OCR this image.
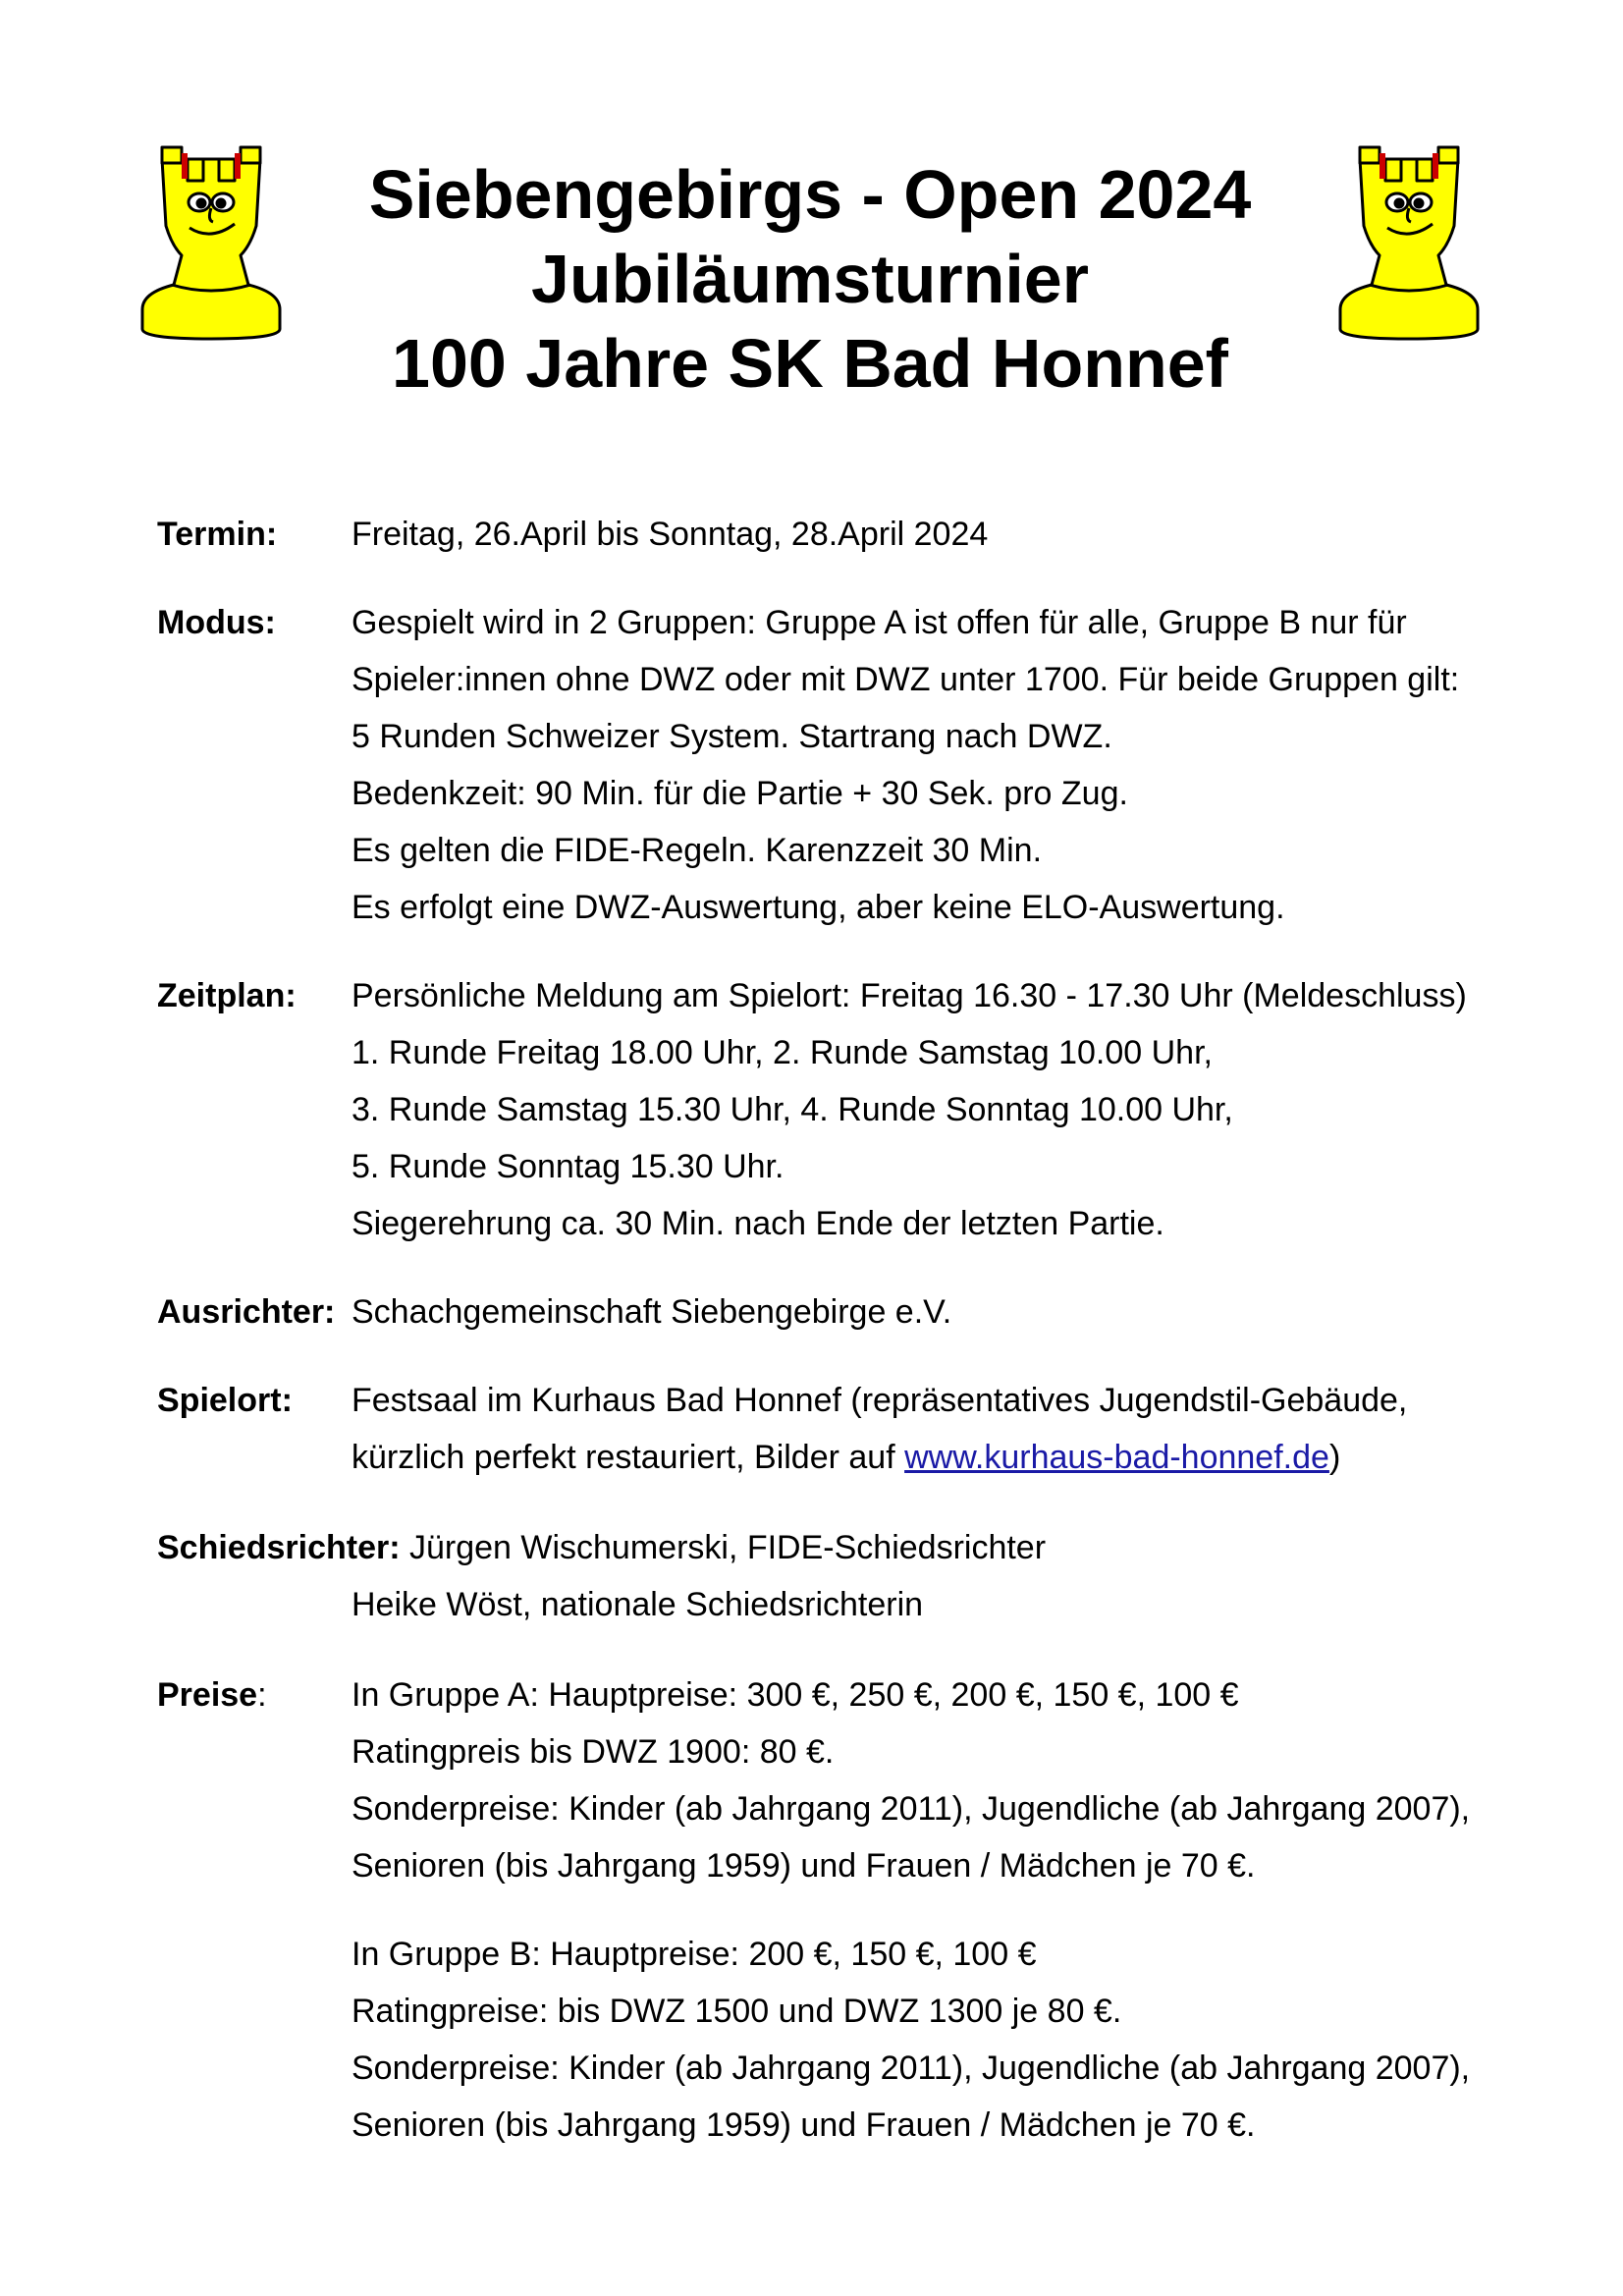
Siebengebirgs - Open 2024
Jubiläumsturnier
100 Jahre SK Bad Honnef
Termin: Freitag, 26.April bis Sonntag, 28.April 2024
Modus: Gespielt wird in 2 Gruppen: Gruppe A ist offen für alle, Gruppe B nur für
Spieler:innen ohne DWZ oder mit DWZ unter 1700. Für beide Gruppen gilt:
5 Runden Schweizer System. Startrang nach DWZ.
Bedenkzeit: 90 Min. für die Partie + 30 Sek. pro Zug.
Es gelten die FIDE-Regeln. Karenzzeit 30 Min.
Es erfolgt eine DWZ-Auswertung, aber keine ELO-Auswertung.
Zeitplan: Persönliche Meldung am Spielort: Freitag 16.30 - 17.30 Uhr (Meldeschluss)
1. Runde Freitag 18.00 Uhr, 2. Runde Samstag 10.00 Uhr,
3. Runde Samstag 15.30 Uhr, 4. Runde Sonntag 10.00 Uhr,
5. Runde Sonntag 15.30 Uhr.
Siegerehrung ca. 30 Min. nach Ende der letzten Partie.
Ausrichter: Schachgemeinschaft Siebengebirge e.V.
Spielort: Festsaal im Kurhaus Bad Honnef (repräsentatives Jugendstil-Gebäude,
kürzlich perfekt restauriert, Bilder auf www.kurhaus-bad-honnef.de)
Schiedsrichter: Jürgen Wischumerski, FIDE-Schiedsrichter
Heike Wöst, nationale Schiedsrichterin
Preise:	In Gruppe A: Hauptpreise: 300 €, 250 €, 200 €, 150 €, 100 €
Ratingpreis bis DWZ 1900: 80 €.
Sonderpreise: Kinder (ab Jahrgang 2011), Jugendliche (ab Jahrgang 2007),
Senioren (bis Jahrgang 1959) und Frauen / Mädchen je 70 €.
In Gruppe B: Hauptpreise: 200 €, 150 €, 100 €
Ratingpreise: bis DWZ 1500 und DWZ 1300 je 80 €.
Sonderpreise: Kinder (ab Jahrgang 2011), Jugendliche (ab Jahrgang 2007),
Senioren (bis Jahrgang 1959) und Frauen / Mädchen je 70 €.
